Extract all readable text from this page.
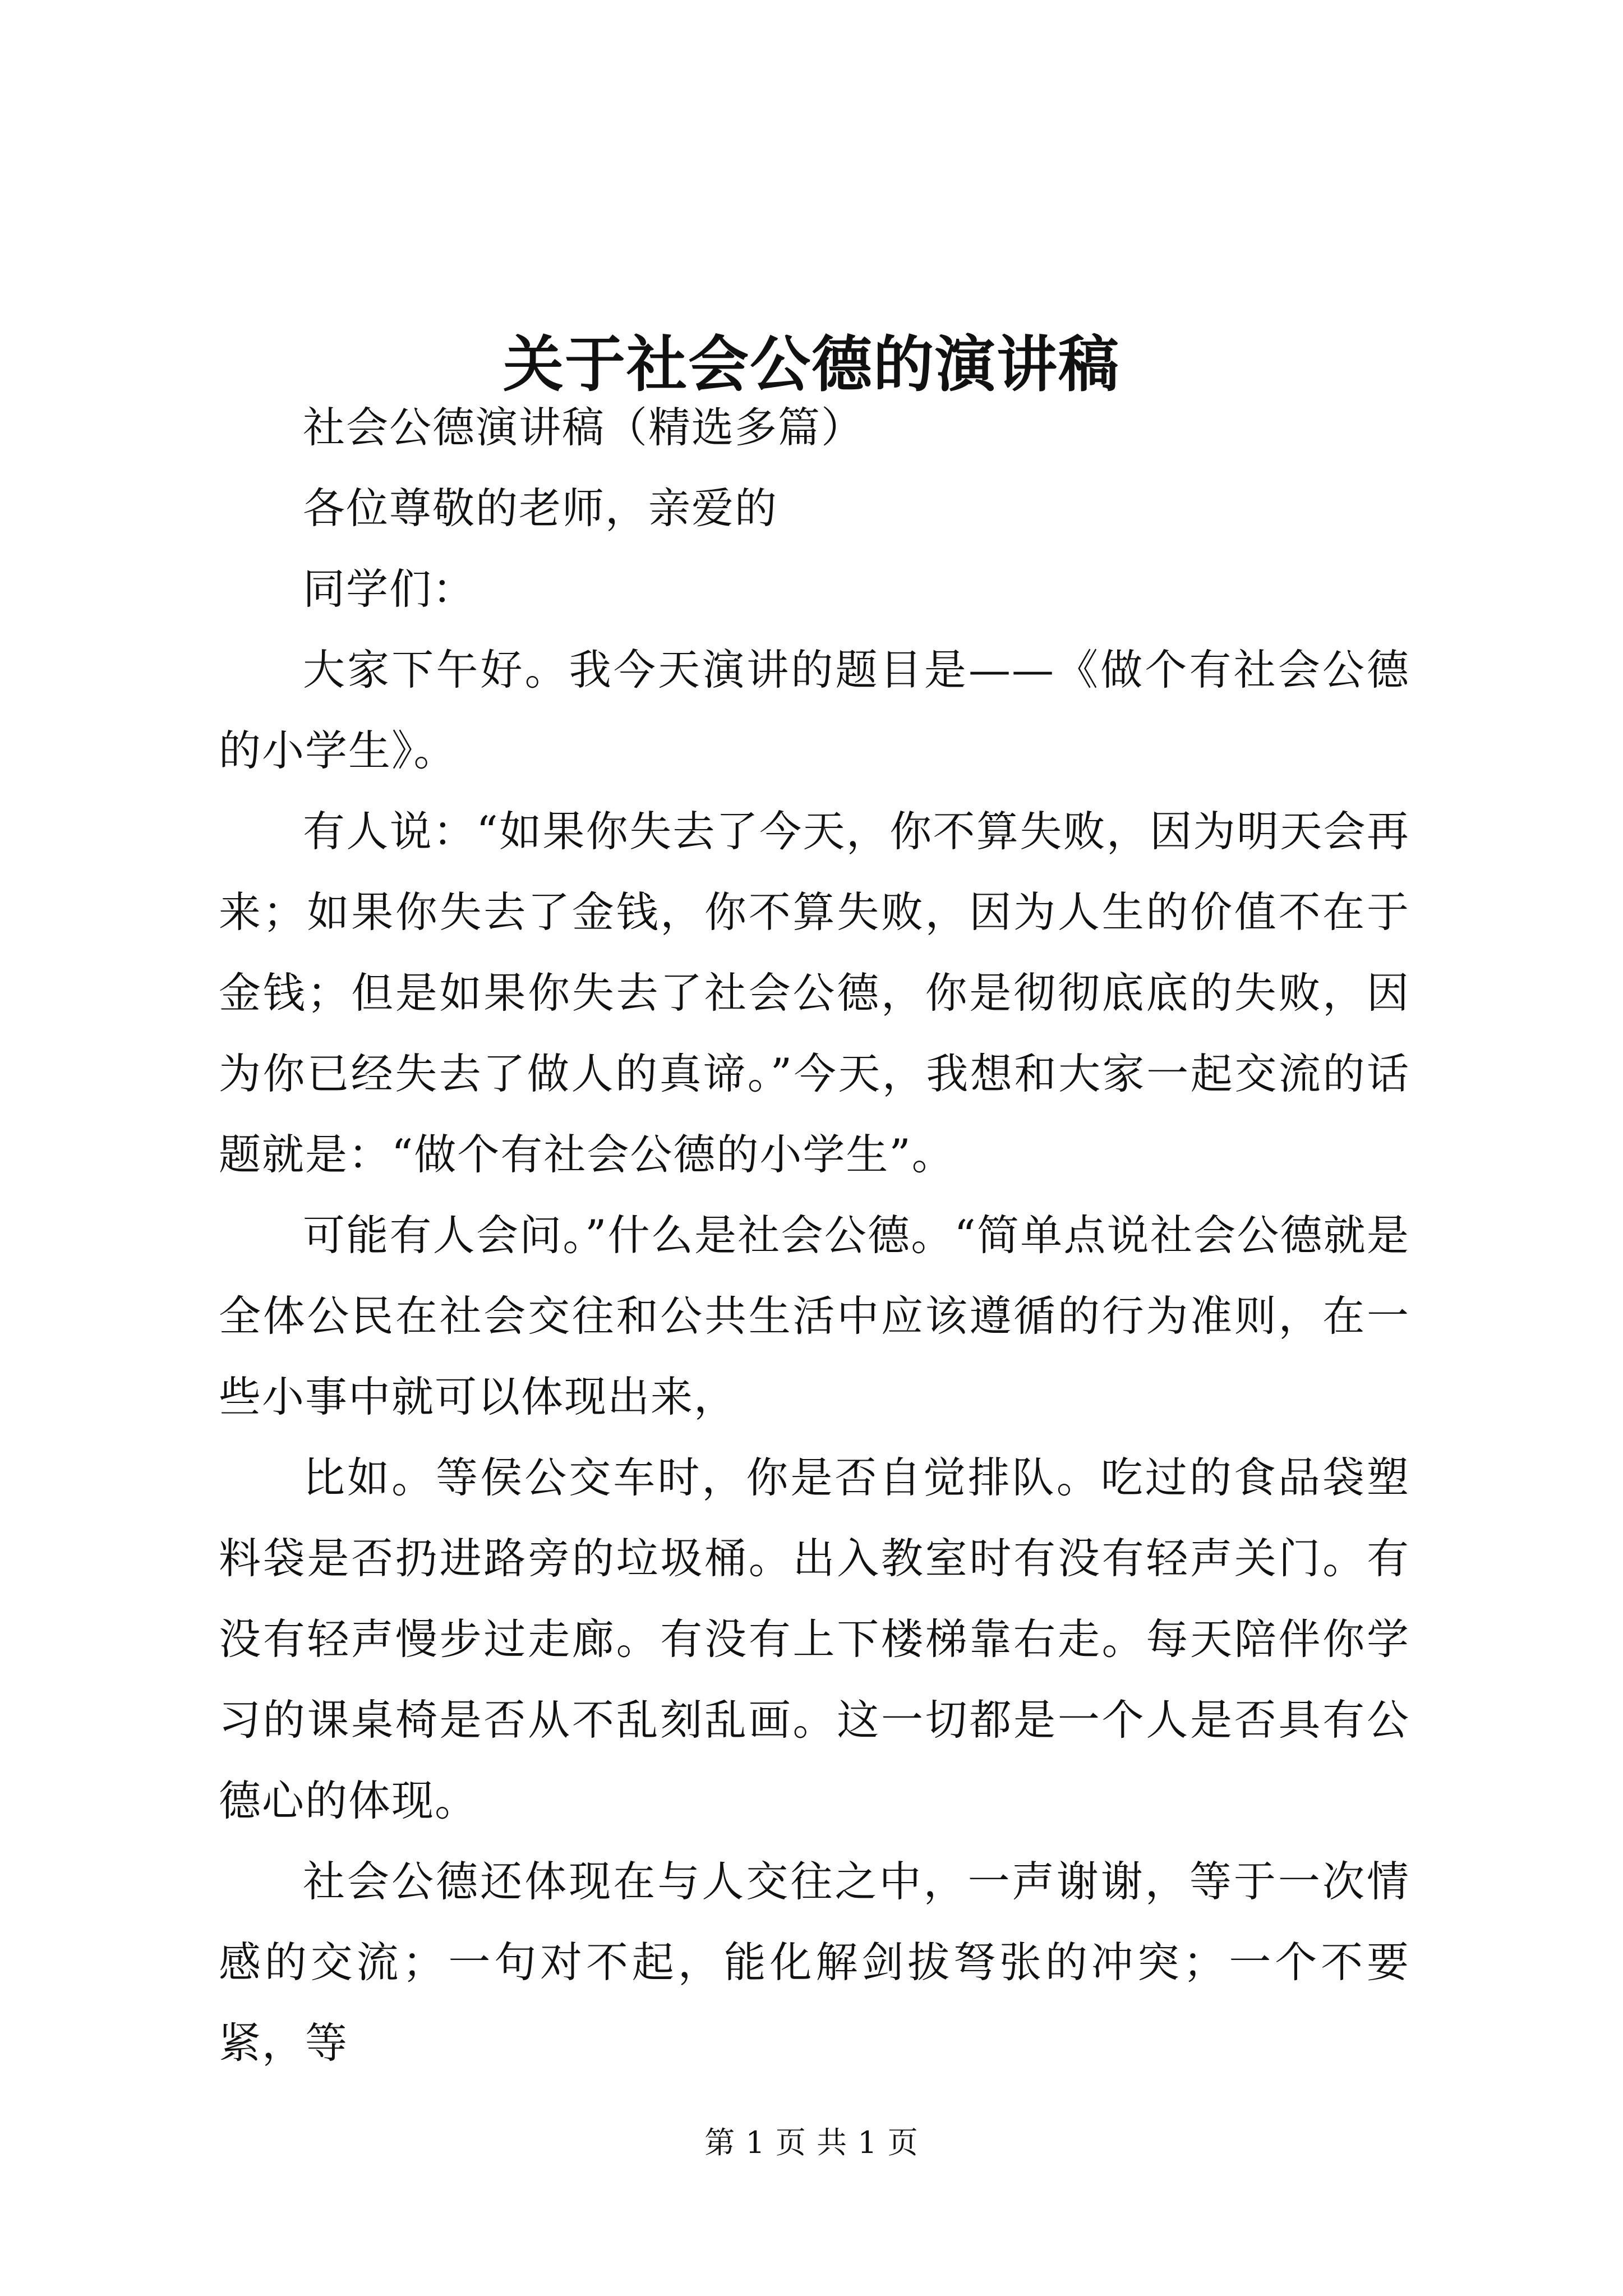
关于社会公德的演讲稿

社会公德演讲稿（精选多篇）

各位尊敬的老师，亲爱的

同学们：

大家下午好。我今天演讲的题目是——《做个有社会公德的小学生》。

有人说：“如果你失去了今天，你不算失败，因为明天会再来；如果你失去了金钱，你不算失败，因为人生的价值不在于金钱；但是如果你失去了社会公德，你是彻彻底底的失败，因为你已经失去了做人的真谛。”今天，我想和大家一起交流的话题就是：“做个有社会公德的小学生”。

可能有人会问。”什么是社会公德。“简单点说社会公德就是全体公民在社会交往和公共生活中应该遵循的行为准则，在一些小事中就可以体现出来，

比如。等侯公交车时，你是否自觉排队。吃过的食品袋塑料袋是否扔进路旁的垃圾桶。出入教室时有没有轻声关门。有没有轻声慢步过走廊。有没有上下楼梯靠右走。每天陪伴你学习的课桌椅是否从不乱刻乱画。这一切都是一个人是否具有公德心的体现。

社会公德还体现在与人交往之中，一声谢谢，等于一次情感的交流；一句对不起，能化解剑拔弩张的冲突；一个不要紧，等

第 1 页 共 1 页
